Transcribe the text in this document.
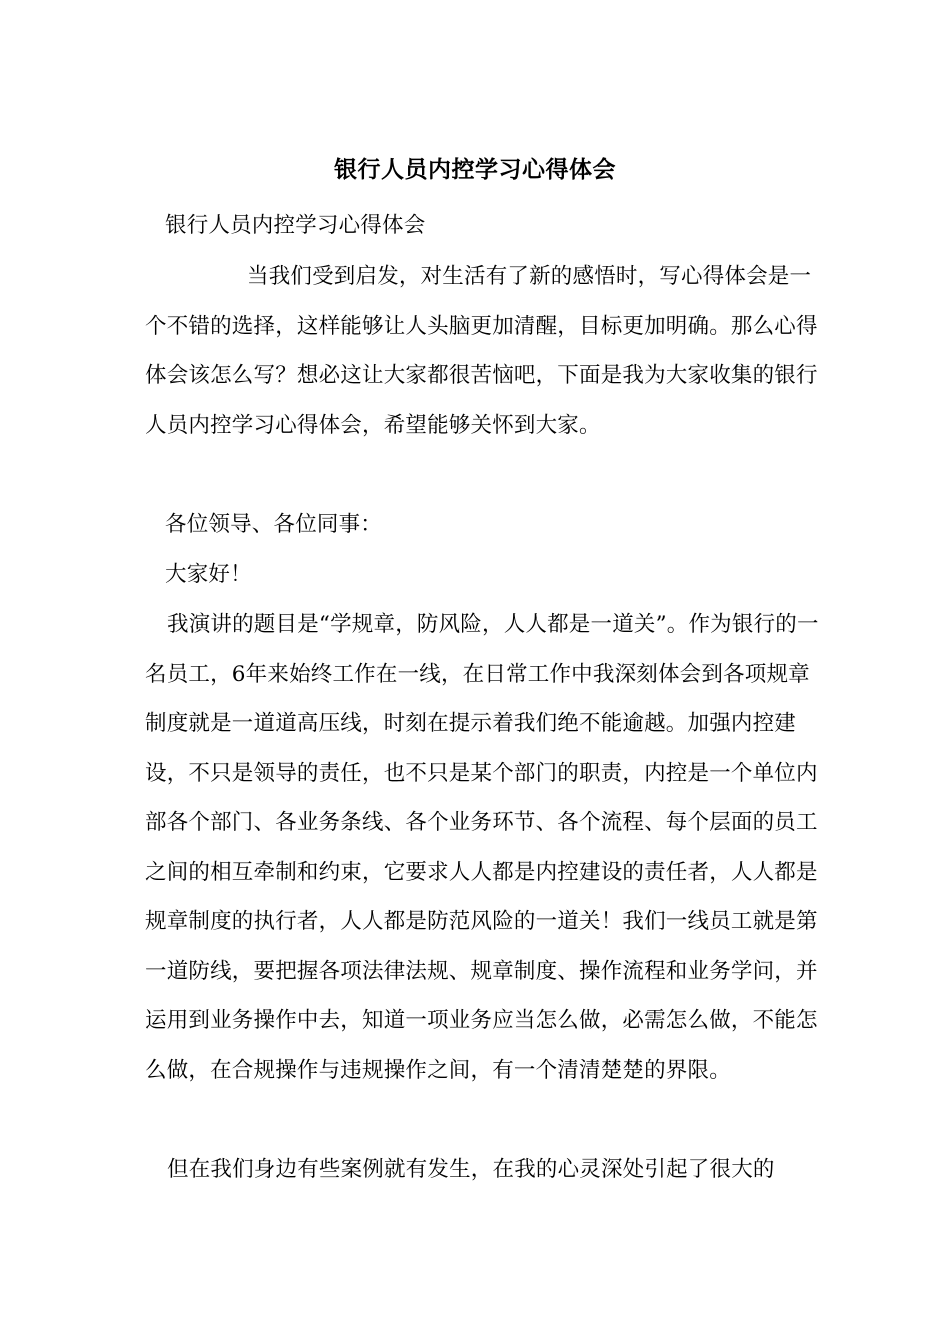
银行人员内控学习心得体会

银行人员内控学习心得体会

当我们受到启发，对生活有了新的感悟时，写心得体会是一个不错的选择，这样能够让人头脑更加清醒，目标更加明确。那么心得体会该怎么写？想必这让大家都很苦恼吧，下面是我为大家收集的银行人员内控学习心得体会，希望能够关怀到大家。

各位领导、各位同事：

大家好！

我演讲的题目是“学规章，防风险，人人都是一道关”。作为银行的一名员工，6年来始终工作在一线，在日常工作中我深刻体会到各项规章制度就是一道道高压线，时刻在提示着我们绝不能逾越。加强内控建设，不只是领导的责任，也不只是某个部门的职责，内控是一个单位内部各个部门、各业务条线、各个业务环节、各个流程、每个层面的员工之间的相互牵制和约束，它要求人人都是内控建设的责任者，人人都是规章制度的执行者，人人都是防范风险的一道关！我们一线员工就是第一道防线，要把握各项法律法规、规章制度、操作流程和业务学问，并运用到业务操作中去，知道一项业务应当怎么做，必需怎么做，不能怎么做，在合规操作与违规操作之间，有一个清清楚楚的界限。

但在我们身边有些案例就有发生，在我的心灵深处引起了很大的
